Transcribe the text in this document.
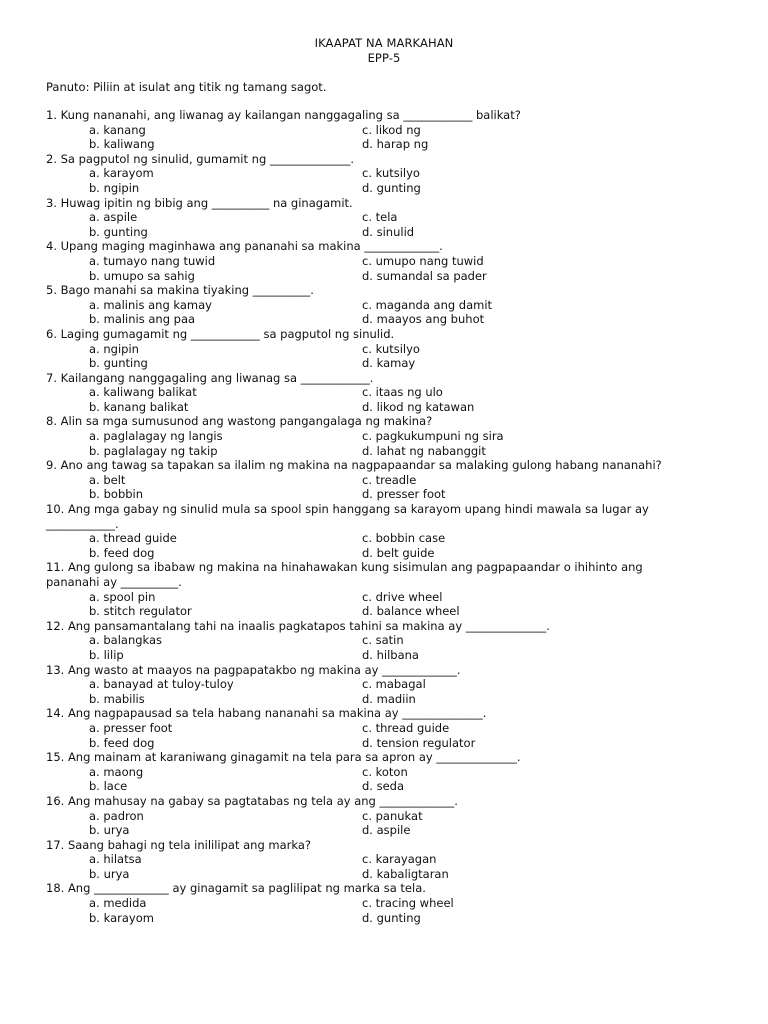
IKAAPAT NA MARKAHAN
EPP-5
Panuto: Piliin at isulat ang titik ng tamang sagot.
1. Kung nananahi, ang liwanag ay kailangan nanggagaling sa ____________ balikat?
a. kanang	c. likod ng
b. kaliwang	d. harap ng
2. Sa pagputol ng sinulid, gumamit ng ______________.
a. karayom	c. kutsilyo
b. ngipin	d. gunting
3. Huwag ipitin ng bibig ang __________ na ginagamit.
a. aspile	c. tela
b. gunting	d. sinulid
4. Upang maging maginhawa ang pananahi sa makina _____________.
a. tumayo nang tuwid	c. umupo nang tuwid
b. umupo sa sahig	d. sumandal sa pader
5. Bago manahi sa makina tiyaking __________.
a. malinis ang kamay	c. maganda ang damit
b. malinis ang paa	d. maayos ang buhot
6. Laging gumagamit ng ____________ sa pagputol ng sinulid.
a. ngipin	c. kutsilyo
b. gunting	d. kamay
7. Kailangang nanggagaling ang liwanag sa ____________.
a. kaliwang balikat	c. itaas ng ulo
b. kanang balikat	d. likod ng katawan
8. Alin sa mga sumusunod ang wastong pangangalaga ng makina?
a. paglalagay ng langis	c. pagkukumpuni ng sira
b. paglalagay ng takip	d. lahat ng nabanggit
9. Ano ang tawag sa tapakan sa ilalim ng makina na nagpapaandar sa malaking gulong habang nananahi?
a. belt	c. treadle
b. bobbin	d. presser foot
10. Ang mga gabay ng sinulid mula sa spool spin hanggang sa karayom upang hindi mawala sa lugar ay
____________.
a. thread guide	c. bobbin case
b. feed dog	d. belt guide
11. Ang gulong sa ibabaw ng makina na hinahawakan kung sisimulan ang pagpapaandar o ihihinto ang
pananahi ay __________.
a. spool pin	c. drive wheel
b. stitch regulator	d. balance wheel
12. Ang pansamantalang tahi na inaalis pagkatapos tahini sa makina ay ______________.
a. balangkas	c. satin
b. lilip	d. hilbana
13. Ang wasto at maayos na pagpapatakbo ng makina ay _____________.
a. banayad at tuloy-tuloy	c. mabagal
b. mabilis	d. madiin
14. Ang nagpapausad sa tela habang nananahi sa makina ay ______________.
a. presser foot	c. thread guide
b. feed dog	d. tension regulator
15. Ang mainam at karaniwang ginagamit na tela para sa apron ay ______________.
a. maong	c. koton
b. lace	d. seda
16. Ang mahusay na gabay sa pagtatabas ng tela ay ang _____________.
a. padron	c. panukat
b. urya	d. aspile
17. Saang bahagi ng tela inililipat ang marka?
a. hilatsa	c. karayagan
b. urya	d. kabaligtaran
18. Ang _____________ ay ginagamit sa paglilipat ng marka sa tela.
a. medida	c. tracing wheel
b. karayom	d. gunting
